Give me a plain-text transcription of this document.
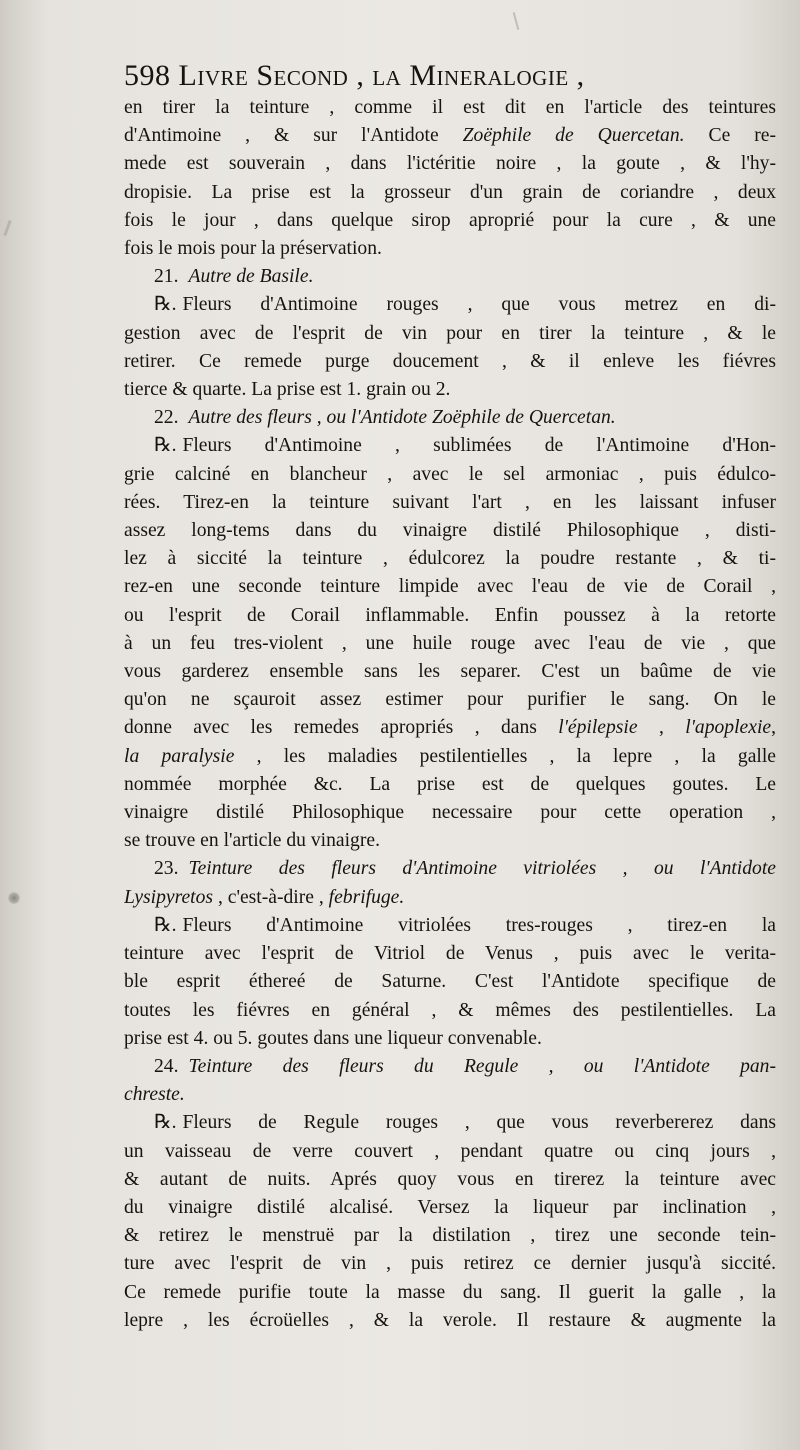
598 Livre Second , la Mineralogie ,
en tirer la teinture , comme il est dit en l'article des teintures
d'Antimoine , & sur l'Antidote Zoëphile de Quercetan. Ce re-
mede est souverain , dans l'ictéritie noire , la goute , & l'hy-
dropisie. La prise est la grosseur d'un grain de coriandre , deux
fois le jour , dans quelque sirop aproprié pour la cure , & une
fois le mois pour la préservation.
21. Autre de Basile.
℞. Fleurs d'Antimoine rouges , que vous metrez en di-
gestion avec de l'esprit de vin pour en tirer la teinture , & le
retirer. Ce remede purge doucement , & il enleve les fiévres
tierce & quarte. La prise est 1. grain ou 2.
22. Autre des fleurs , ou l'Antidote Zoëphile de Quercetan.
℞. Fleurs d'Antimoine , sublimées de l'Antimoine d'Hon-
grie calciné en blancheur , avec le sel armoniac , puis édulco-
rées. Tirez-en la teinture suivant l'art , en les laissant infuser
assez long-tems dans du vinaigre distilé Philosophique , disti-
lez à siccité la teinture , édulcorez la poudre restante , & ti-
rez-en une seconde teinture limpide avec l'eau de vie de Corail ,
ou l'esprit de Corail inflammable. Enfin poussez à la retorte
à un feu tres-violent , une huile rouge avec l'eau de vie , que
vous garderez ensemble sans les separer. C'est un baûme de vie
qu'on ne sçauroit assez estimer pour purifier le sang. On le
donne avec les remedes apropriés , dans l'épilepsie , l'apoplexie,
la paralysie , les maladies pestilentielles , la lepre , la galle
nommée morphée &c. La prise est de quelques goutes. Le
vinaigre distilé Philosophique necessaire pour cette operation ,
se trouve en l'article du vinaigre.
23. Teinture des fleurs d'Antimoine vitriolées , ou l'Antidote
Lysipyretos , c'est-à-dire , febrifuge.
℞. Fleurs d'Antimoine vitriolées tres-rouges , tirez-en la
teinture avec l'esprit de Vitriol de Venus , puis avec le verita-
ble esprit éthereé de Saturne. C'est l'Antidote specifique de
toutes les fiévres en général , & mêmes des pestilentielles. La
prise est 4. ou 5. goutes dans une liqueur convenable.
24. Teinture des fleurs du Regule , ou l'Antidote pan-
chreste.
℞. Fleurs de Regule rouges , que vous reverbererez dans
un vaisseau de verre couvert , pendant quatre ou cinq jours ,
& autant de nuits. Aprés quoy vous en tirerez la teinture avec
du vinaigre distilé alcalisé. Versez la liqueur par inclination ,
& retirez le menstruë par la distilation , tirez une seconde tein-
ture avec l'esprit de vin , puis retirez ce dernier jusqu'à siccité.
Ce remede purifie toute la masse du sang. Il guerit la galle , la
lepre , les écroüelles , & la verole. Il restaure & augmente la
